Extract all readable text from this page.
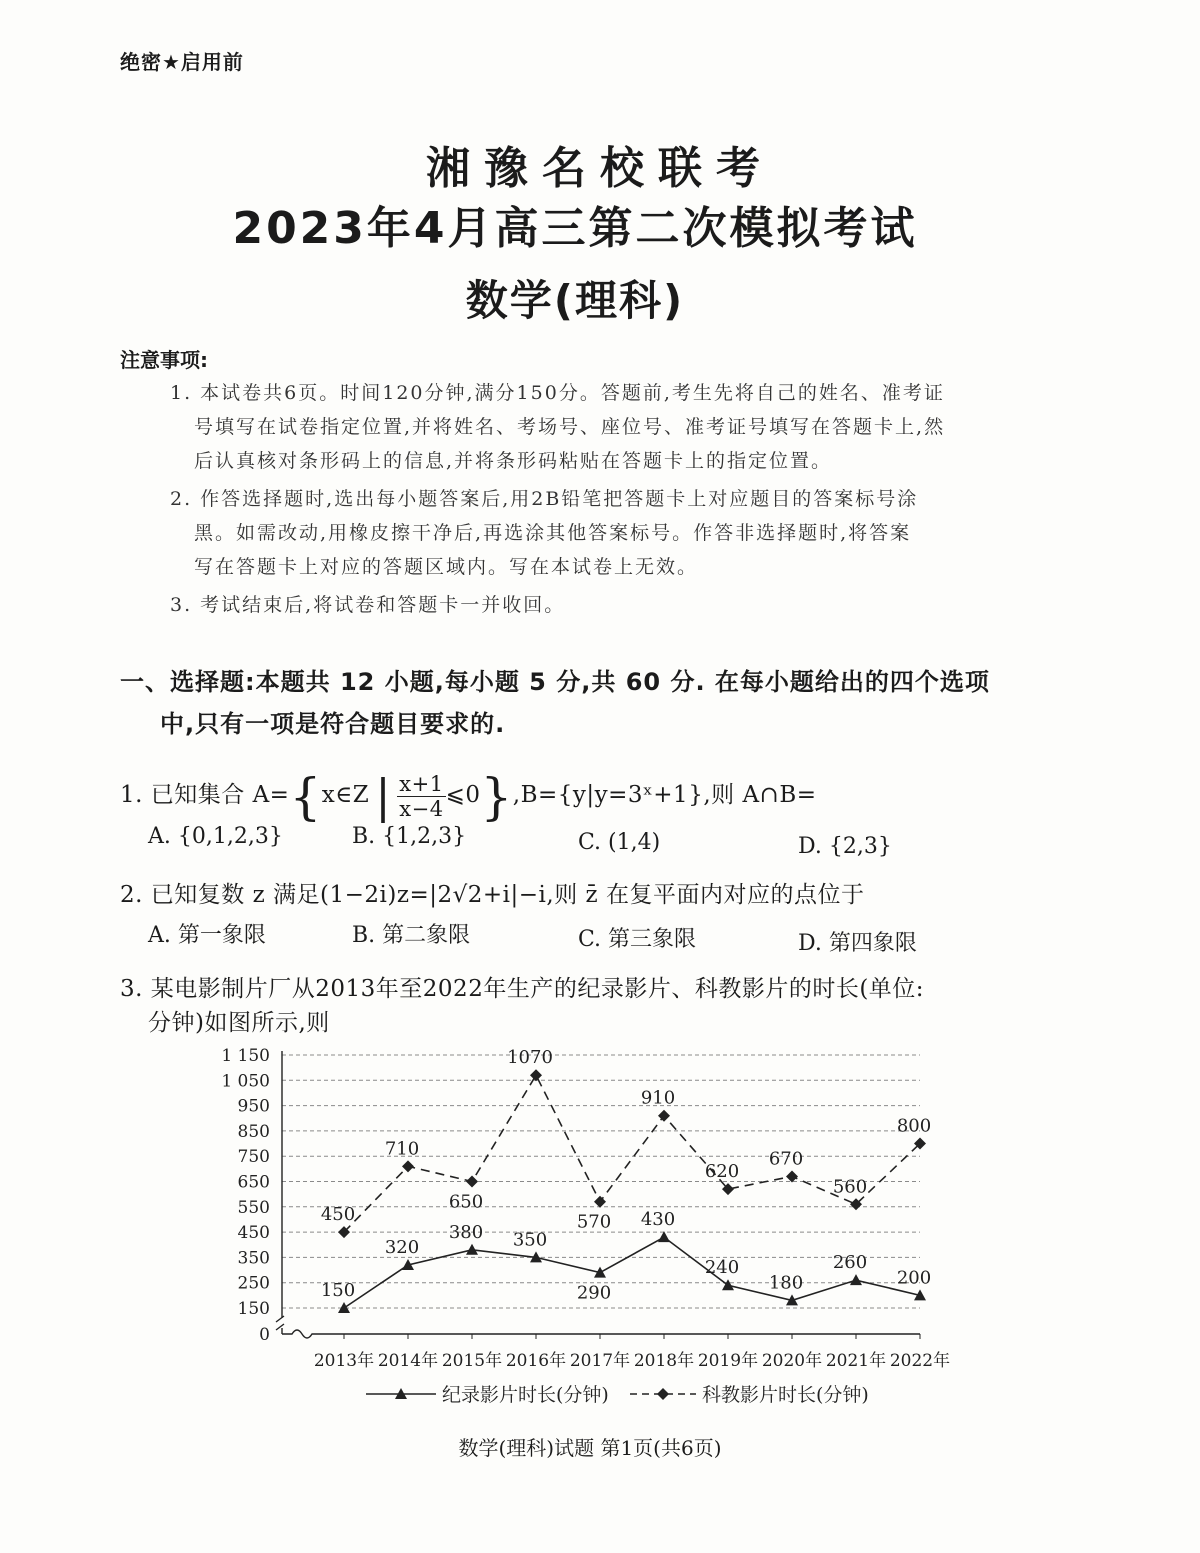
绝密★启用前
湘豫名校联考
2023年4月高三第二次模拟考试
数学(理科)
注意事项:
1. 本试卷共6页。时间120分钟,满分150分。答题前,考生先将自己的姓名、准考证
号填写在试卷指定位置,并将姓名、考场号、座位号、准考证号填写在答题卡上,然
后认真核对条形码上的信息,并将条形码粘贴在答题卡上的指定位置。
2. 作答选择题时,选出每小题答案后,用2B铅笔把答题卡上对应题目的答案标号涂
黑。如需改动,用橡皮擦干净后,再选涂其他答案标号。作答非选择题时,将答案
写在答题卡上对应的答题区域内。写在本试卷上无效。
3. 考试结束后,将试卷和答题卡一并收回。
一、选择题:本题共 12 小题,每小题 5 分,共 60 分. 在每小题给出的四个选项
中,只有一项是符合题目要求的.
1. 已知集合 A={x∈Z | $\frac{x+1}{x-4}$ ⩽0},B={y|y=3ˣ+1},则 A∩B=
A. {0,1,2,3}	B. {1,2,3}	C. (1,4)	D. {2,3}
2. 已知复数 z 满足(1−2i)z=|2√2+i|−i,则 z̄ 在复平面内对应的点位于
A. 第一象限	B. 第二象限	C. 第三象限	D. 第四象限
3. 某电影制片厂从2013年至2022年生产的纪录影片、科教影片的时长(单位:
分钟)如图所示,则
1 150
1 050
950
850
750
650
550
450
350
250
150
0
2013年 2014年 2015年 2016年 2017年 2018年 2019年 2020年 2021年 2022年
150
320
380 350
290
430
240
180
260
200
450
710
650
1070
570
910
620
670
560
800
纪录影片时长(分钟)	科教影片时长(分钟)
数学(理科)试题 第1页(共6页)
